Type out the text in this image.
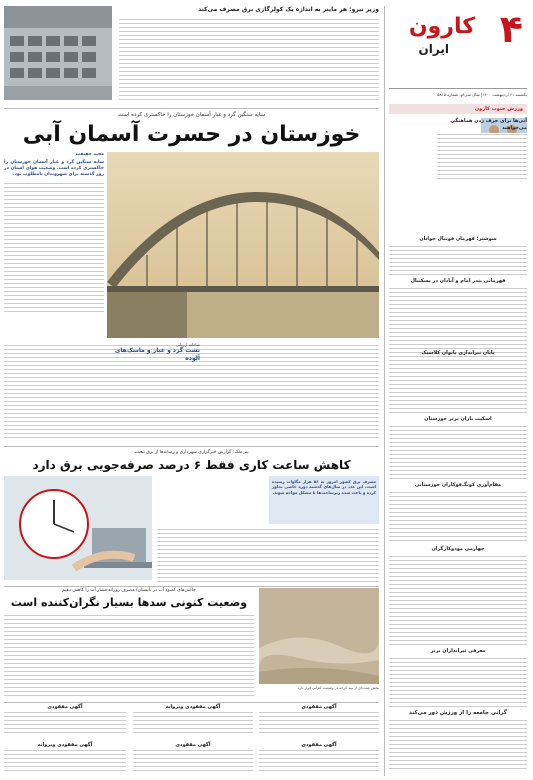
۴
کارون
ایران
یکشنبه ۲۱ اردیبهشت ۱۴۰۰| سال سی‌ام، شماره ۵۸۱۵
ورزش جنوب کارون
وزیر نیرو: هر ماینر به اندازه یک کولرگازی برق مصرف می‌کند
سایه سنگین گرد و غبار آسمان خوزستان را خاکستری کرده است
خوزستان در حسرت آسمان آبی
مجید حقیقت
سایه سنگین گرد و غبار آسمان خوزستان را خاکستری کرده است. وضعیت هوای استان در روز گذشته برای شهروندان نامطلوب بود.
سامانه ارزیابی
نشت گرد و غبار و ماسک‌های آلوده
بنی‌ملک: گزارش خبرگزاری شهرداری و رسانه‌ها از برق تبعیت
کاهش ساعت کاری فقط ۶ درصد صرفه‌جویی برق دارد
مصرف برق کشور امروز به ۵۶ هزار مگاوات رسیده است. این عدد در سال‌های گذشته دوره خاصی تجاوز کرده و باعث شده زیرساخت‌ها با مشکل مواجه شوند.
چالش‌های کمبود آب در تابستان/ مصرف روزانه فشار آب را کاهش دهیم
وضعیت کنونی سدها بسیار نگران‌کننده است
بخش عمده‌ای از سد کرخه در وضعیت کم‌آبی قرار دارد
آگهی مفقودی
آگهی مفقودی وپروانه
آگهی مفقودی
آگهی مفقودی
آگهی مفقودی
آگهی مفقودی وپروانه
آبی‌ها برای حرف زدن هماهنگی می‌خواهند
شوشتر؛ قهرمان فوتبال جوانان
قهرمانی بندر امام و آبادان در بسکتبال
پایان تیراندازی بانوان کلاسیک
اسکیت بازان برتر خوزستان
مقام‌آوری کونگ‌فوکاران خوزستانی
چهارمی مودوکارگران
معرفی تیراندازان برتر
گرانی جامعه را از ورزش دور می‌کند
